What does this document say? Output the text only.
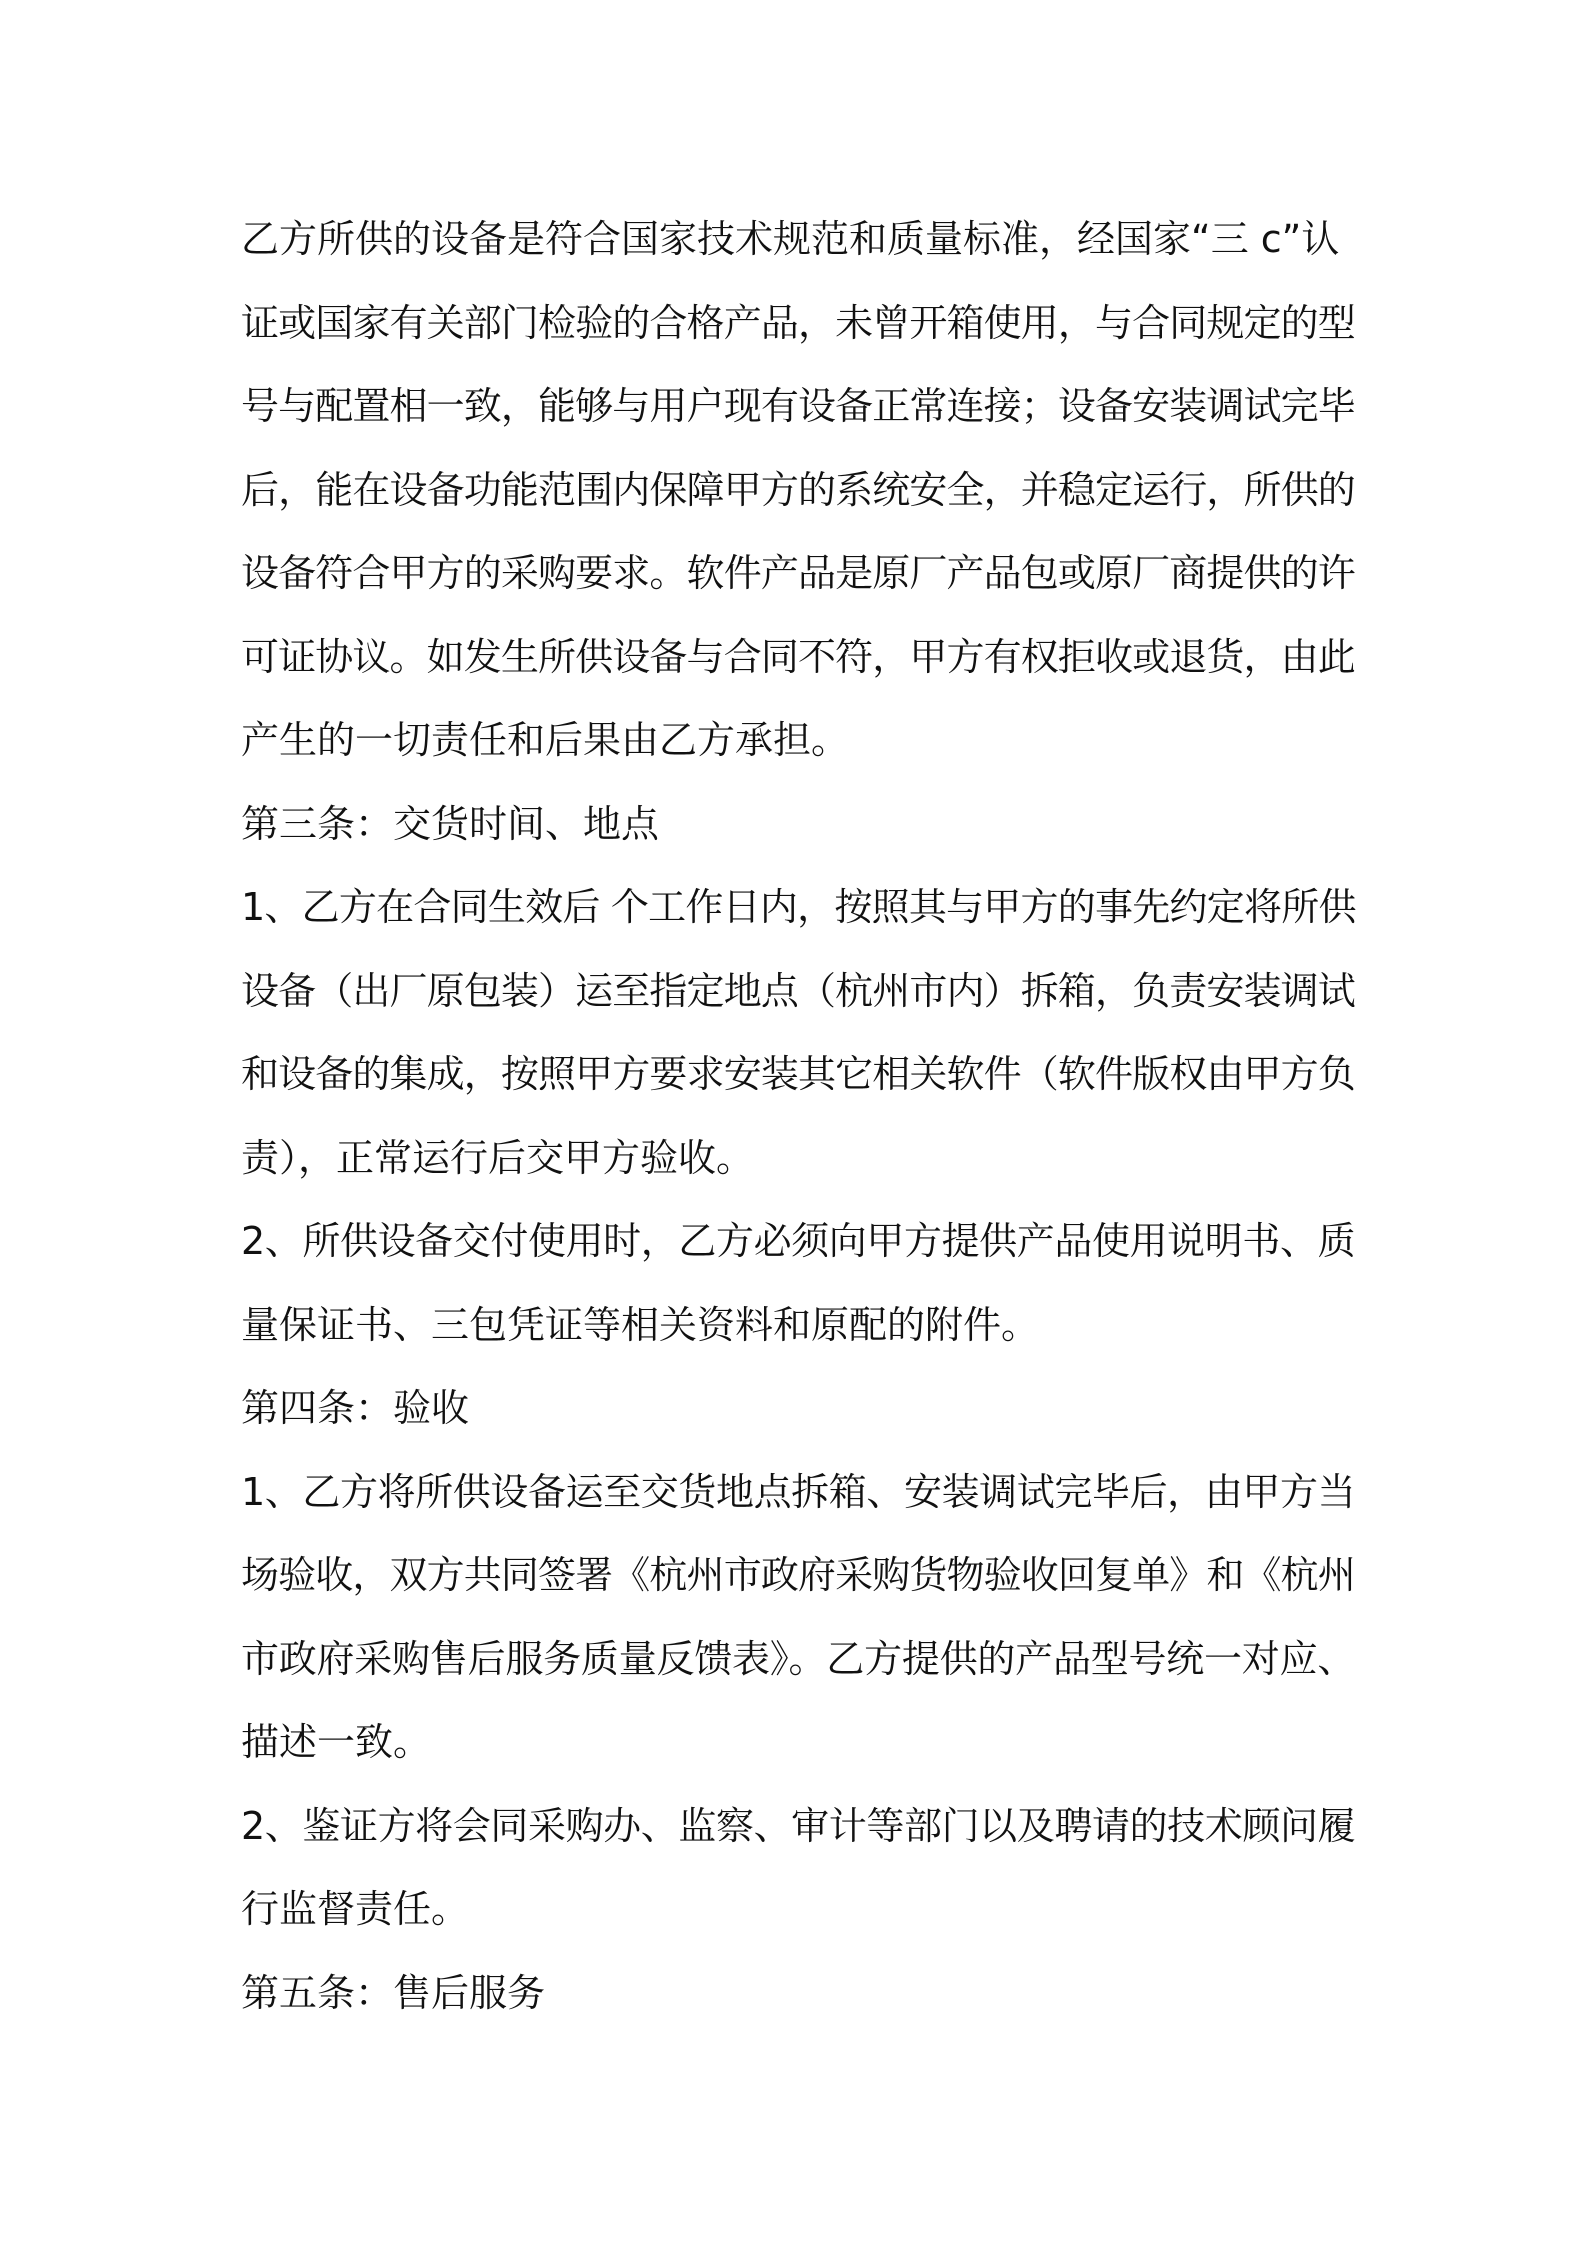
乙方所供的设备是符合国家技术规范和质量标准，经国家“三 c”认
证或国家有关部门检验的合格产品，未曾开箱使用，与合同规定的型
号与配置相一致，能够与用户现有设备正常连接；设备安装调试完毕
后，能在设备功能范围内保障甲方的系统安全，并稳定运行，所供的
设备符合甲方的采购要求。软件产品是原厂产品包或原厂商提供的许
可证协议。如发生所供设备与合同不符，甲方有权拒收或退货，由此
产生的一切责任和后果由乙方承担。
第三条：交货时间、地点
1、乙方在合同生效后 个工作日内，按照其与甲方的事先约定将所供
设备（出厂原包装）运至指定地点（杭州市内）拆箱，负责安装调试
和设备的集成，按照甲方要求安装其它相关软件（软件版权由甲方负
责），正常运行后交甲方验收。
2、所供设备交付使用时，乙方必须向甲方提供产品使用说明书、质
量保证书、三包凭证等相关资料和原配的附件。
第四条：验收
1、乙方将所供设备运至交货地点拆箱、安装调试完毕后，由甲方当
场验收，双方共同签署《杭州市政府采购货物验收回复单》和《杭州
市政府采购售后服务质量反馈表》。乙方提供的产品型号统一对应、
描述一致。
2、鉴证方将会同采购办、监察、审计等部门以及聘请的技术顾问履
行监督责任。
第五条：售后服务
